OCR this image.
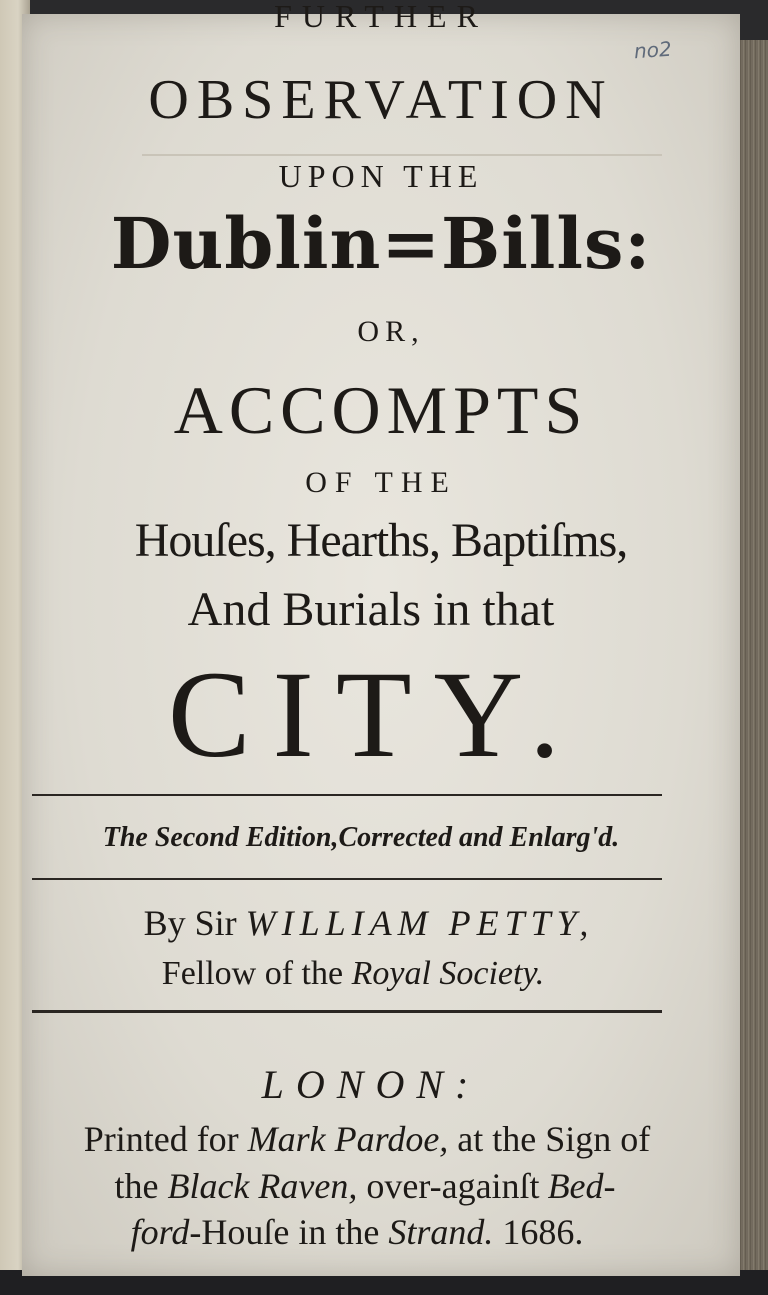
no2
FURTHER
OBSERVATION
UPON THE
Dublin=Bills:
OR,
ACCOMPTS
OF THE
Houſes, Hearths, Baptiſms,
And Burials in that
CITY.
The Second Edition,Corrected and Enlarg'd.
By Sir WILLIAM PETTY,
Fellow of the Royal Society.
LONON:
Printed for Mark Pardoe, at the Sign of
the Black Raven, over-againſt Bed-
ford-Houſe in the Strand. 1686.
